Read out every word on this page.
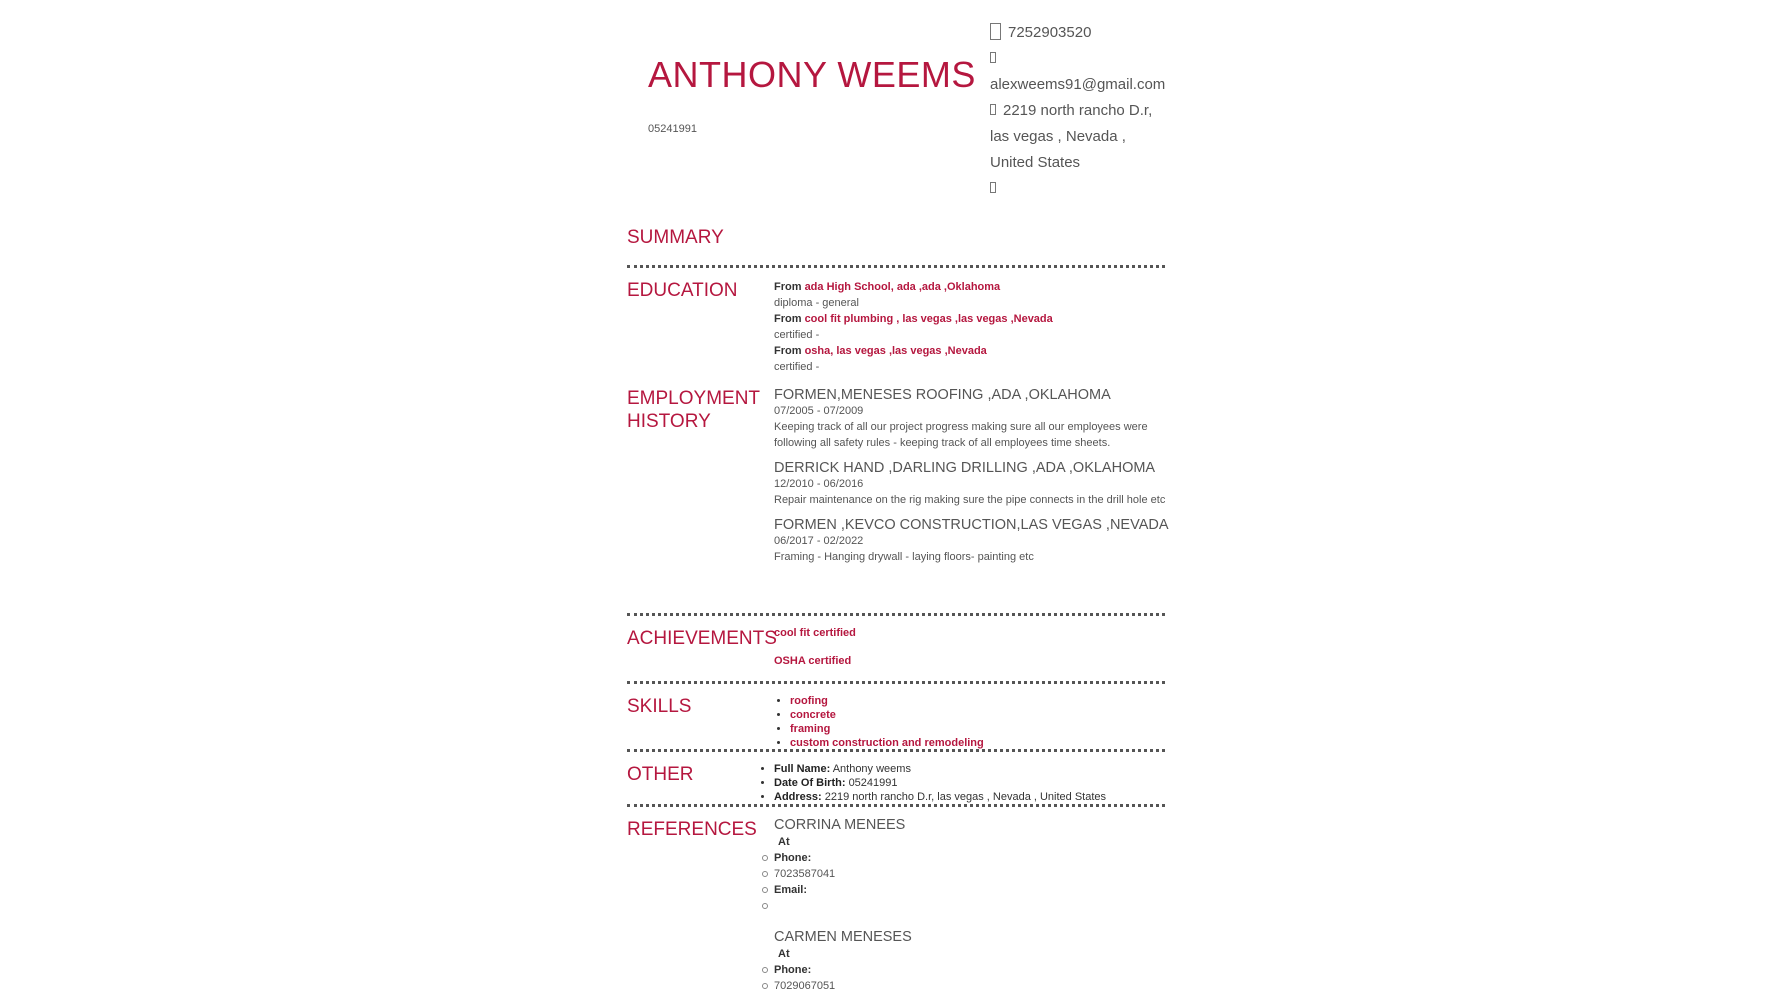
ANTHONY WEEMS
05241991
7252903520
alexweems91@gmail.com
2219 north rancho D.r,
las vegas , Nevada ,
United States
SUMMARY
EDUCATION	From ada High School, ada ,ada ,Oklahoma
diploma - general
From cool fit plumbing , las vegas ,las vegas ,Nevada
certified -
From osha, las vegas ,las vegas ,Nevada
certified -
EMPLOYMENT
HISTORY
FORMEN,MENESES ROOFING ,ADA ,OKLAHOMA
07/2005 - 07/2009
Keeping track of all our project progress making sure all our employees were following all safety rules - keeping track of all employees time sheets.
DERRICK HAND ,DARLING DRILLING ,ADA ,OKLAHOMA
12/2010 - 06/2016
Repair maintenance on the rig making sure the pipe connects in the drill hole etc
FORMEN ,KEVCO CONSTRUCTION,LAS VEGAS ,NEVADA
06/2017 - 02/2022
Framing - Hanging drywall - laying floors- painting etc
ACHIEVEMENTS
cool fit certified
OSHA certified
SKILLS	• roofing
• concrete
• framing
• custom construction and remodeling
OTHER	• Full Name: Anthony weems
• Date Of Birth: 05241991
• Address: 2219 north rancho D.r, las vegas , Nevada , United States
REFERENCES CORRINA MENEES
At
Phone:
7023587041
Email:
CARMEN MENESES
At
Phone:
7029067051
